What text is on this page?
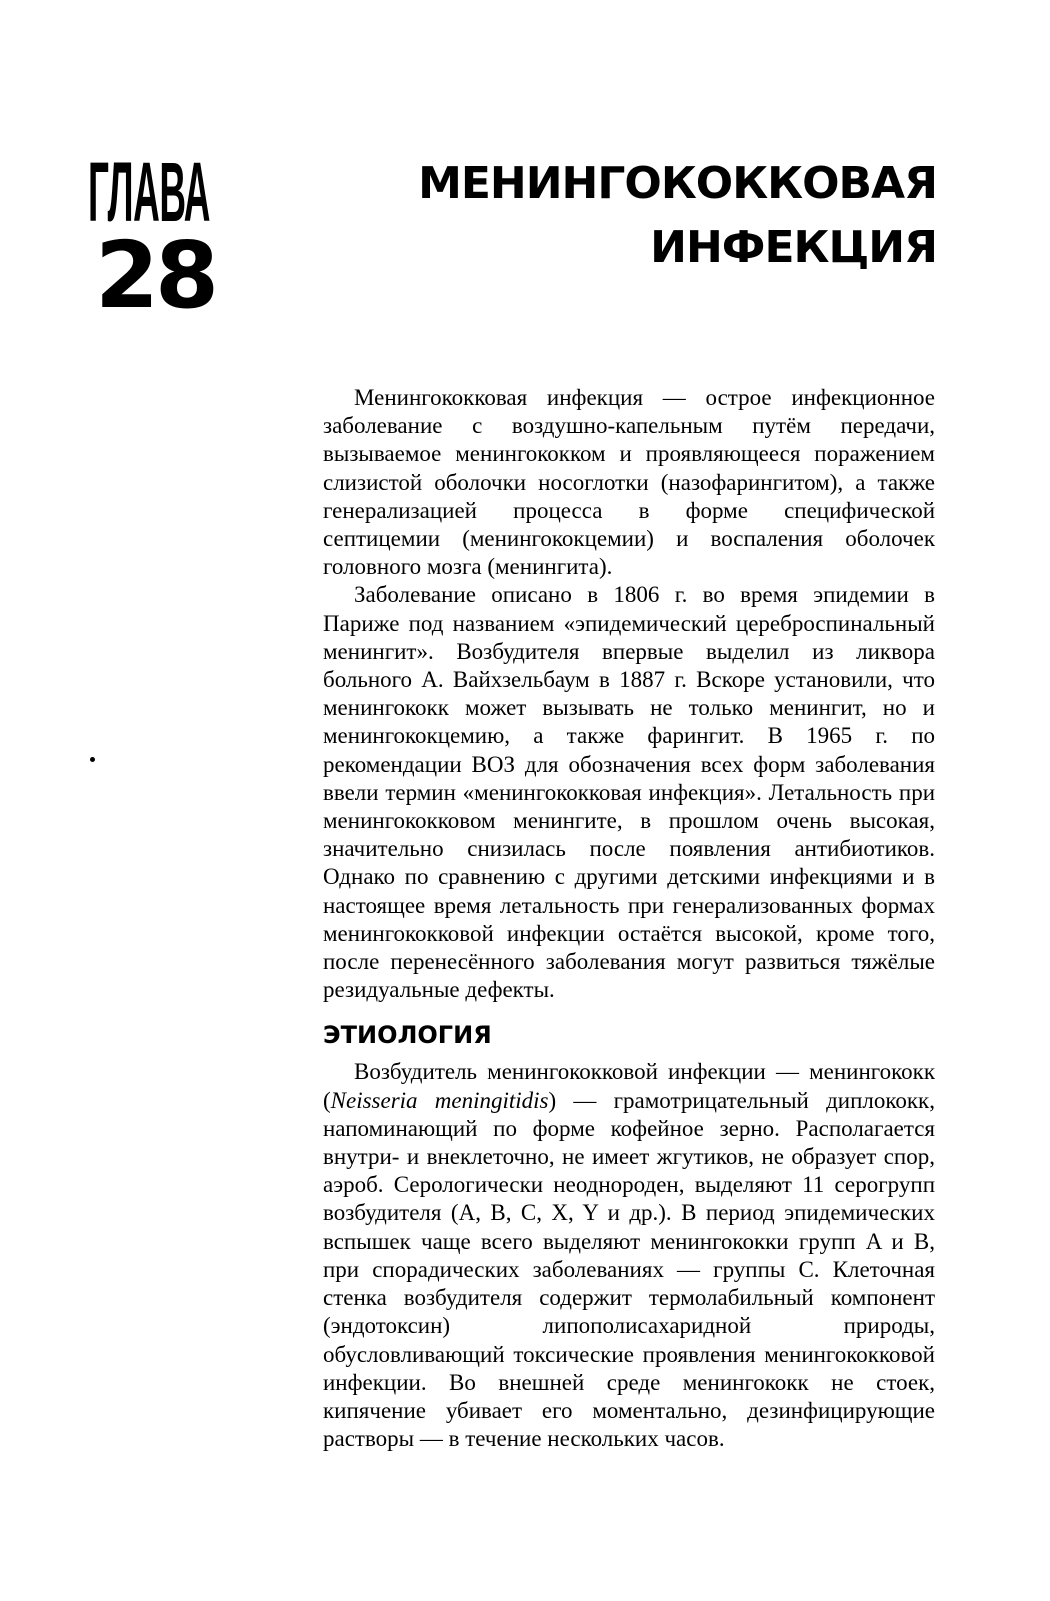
ГЛАВА
28
МЕНИНГОКОККОВАЯ
ИНФЕКЦИЯ

Менингококковая инфекция — острое инфекционное заболевание с воздушно-капельным путём передачи, вызываемое менингококком и проявляющееся поражением слизистой оболочки носоглотки (назофарингитом), а также генерализацией процесса в форме специфической септицемии (менингококцемии) и воспаления оболочек головного мозга (менингита).

Заболевание описано в 1806 г. во время эпидемии в Париже под названием «эпидемический цереброспинальный менингит». Возбудителя впервые выделил из ликвора больного А. Вайхзельбаум в 1887 г. Вскоре установили, что менингококк может вызывать не только менингит, но и менингококцемию, а также фарингит. В 1965 г. по рекомендации ВОЗ для обозначения всех форм заболевания ввели термин «менингококковая инфекция». Летальность при менингококковом менингите, в прошлом очень высокая, значительно снизилась после появления антибиотиков. Однако по сравнению с другими детскими инфекциями и в настоящее время летальность при генерализованных формах менингококковой инфекции остаётся высокой, кроме того, после перенесённого заболевания могут развиться тяжёлые резидуальные дефекты.

ЭТИОЛОГИЯ

Возбудитель менингококковой инфекции — менингококк (Neisseria meningitidis) — грамотрицательный диплококк, напоминающий по форме кофейное зерно. Располагается внутри- и внеклеточно, не имеет жгутиков, не образует спор, аэроб. Серологически неоднороден, выделяют 11 серогрупп возбудителя (A, B, C, X, Y и др.). В период эпидемических вспышек чаще всего выделяют менингококки групп A и B, при спорадических заболеваниях — группы C. Клеточная стенка возбудителя содержит термолабильный компонент (эндотоксин) липополисахаридной природы, обусловливающий токсические проявления менингококковой инфекции. Во внешней среде менингококк не стоек, кипячение убивает его моментально, дезинфицирующие растворы — в течение нескольких часов.
